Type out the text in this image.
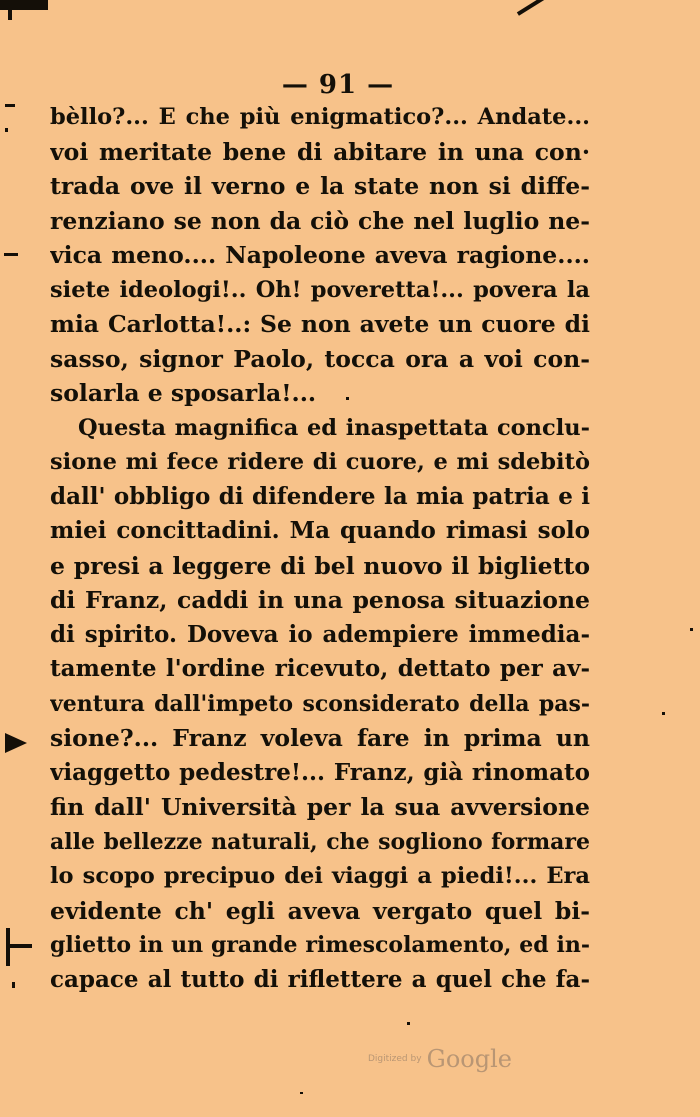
— 91 —
bèllo?... E che più enigmatico?... Andate...
voi meritate bene di abitare in una con·
trada ove il verno e la state non si diffe-
renziano se non da ciò che nel luglio ne-
vica meno.... Napoleone aveva ragione....
siete ideologi!.. Oh! poveretta!... povera la
mia Carlotta!..: Se non avete un cuore di
sasso, signor Paolo, tocca ora a voi con-
solarla e sposarla!...
Questa magnifica ed inaspettata conclu-
sione mi fece ridere di cuore, e mi sdebitò
dall' obbligo di difendere la mia patria e i
miei concittadini. Ma quando rimasi solo
e presi a leggere di bel nuovo il biglietto
di Franz, caddi in una penosa situazione
di spirito. Doveva io adempiere immedia-
tamente l'ordine ricevuto, dettato per av-
ventura dall'impeto sconsiderato della pas-
sione?... Franz voleva fare in prima un
viaggetto pedestre!... Franz, già rinomato
fin dall' Università per la sua avversione
alle bellezze naturali, che sogliono formare
lo scopo precipuo dei viaggi a piedi!... Era
evidente ch' egli aveva vergato quel bi-
glietto in un grande rimescolamento, ed in-
capace al tutto di riflettere a quel che fa-
Digitized by Google
